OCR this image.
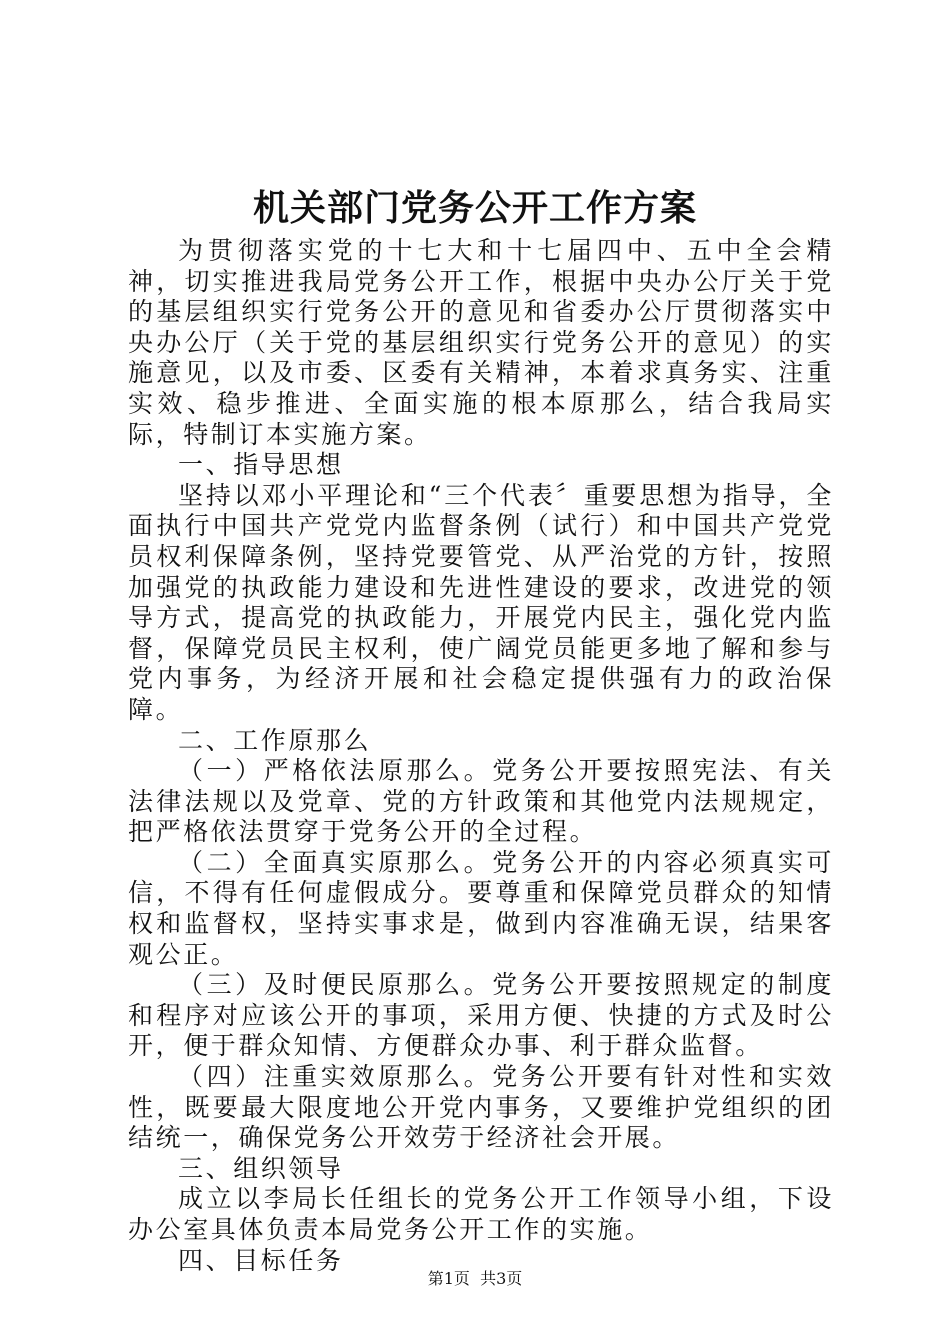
机关部门党务公开工作方案

为贯彻落实党的十七大和十七届四中、五中全会精神，切实推进我局党务公开工作，根据中央办公厅关于党的基层组织实行党务公开的意见和省委办公厅贯彻落实中央办公厅（关于党的基层组织实行党务公开的意见）的实施意见，以及市委、区委有关精神，本着求真务实、注重实效、稳步推进、全面实施的根本原那么，结合我局实际，特制订本实施方案。

一、指导思想

坚持以邓小平理论和“三个代表〞重要思想为指导，全面执行中国共产党党内监督条例（试行）和中国共产党党员权利保障条例，坚持党要管党、从严治党的方针，按照加强党的执政能力建设和先进性建设的要求，改进党的领导方式，提高党的执政能力，开展党内民主，强化党内监督，保障党员民主权利，使广阔党员能更多地了解和参与党内事务，为经济开展和社会稳定提供强有力的政治保障。

二、工作原那么

（一）严格依法原那么。党务公开要按照宪法、有关法律法规以及党章、党的方针政策和其他党内法规规定，把严格依法贯穿于党务公开的全过程。

（二）全面真实原那么。党务公开的内容必须真实可信，不得有任何虚假成分。要尊重和保障党员群众的知情权和监督权，坚持实事求是，做到内容准确无误，结果客观公正。

（三）及时便民原那么。党务公开要按照规定的制度和程序对应该公开的事项，采用方便、快捷的方式及时公开，便于群众知情、方便群众办事、利于群众监督。

（四）注重实效原那么。党务公开要有针对性和实效性，既要最大限度地公开党内事务，又要维护党组织的团结统一，确保党务公开效劳于经济社会开展。

三、组织领导

成立以李局长任组长的党务公开工作领导小组，下设办公室具体负责本局党务公开工作的实施。

四、目标任务

第1页 共3页
